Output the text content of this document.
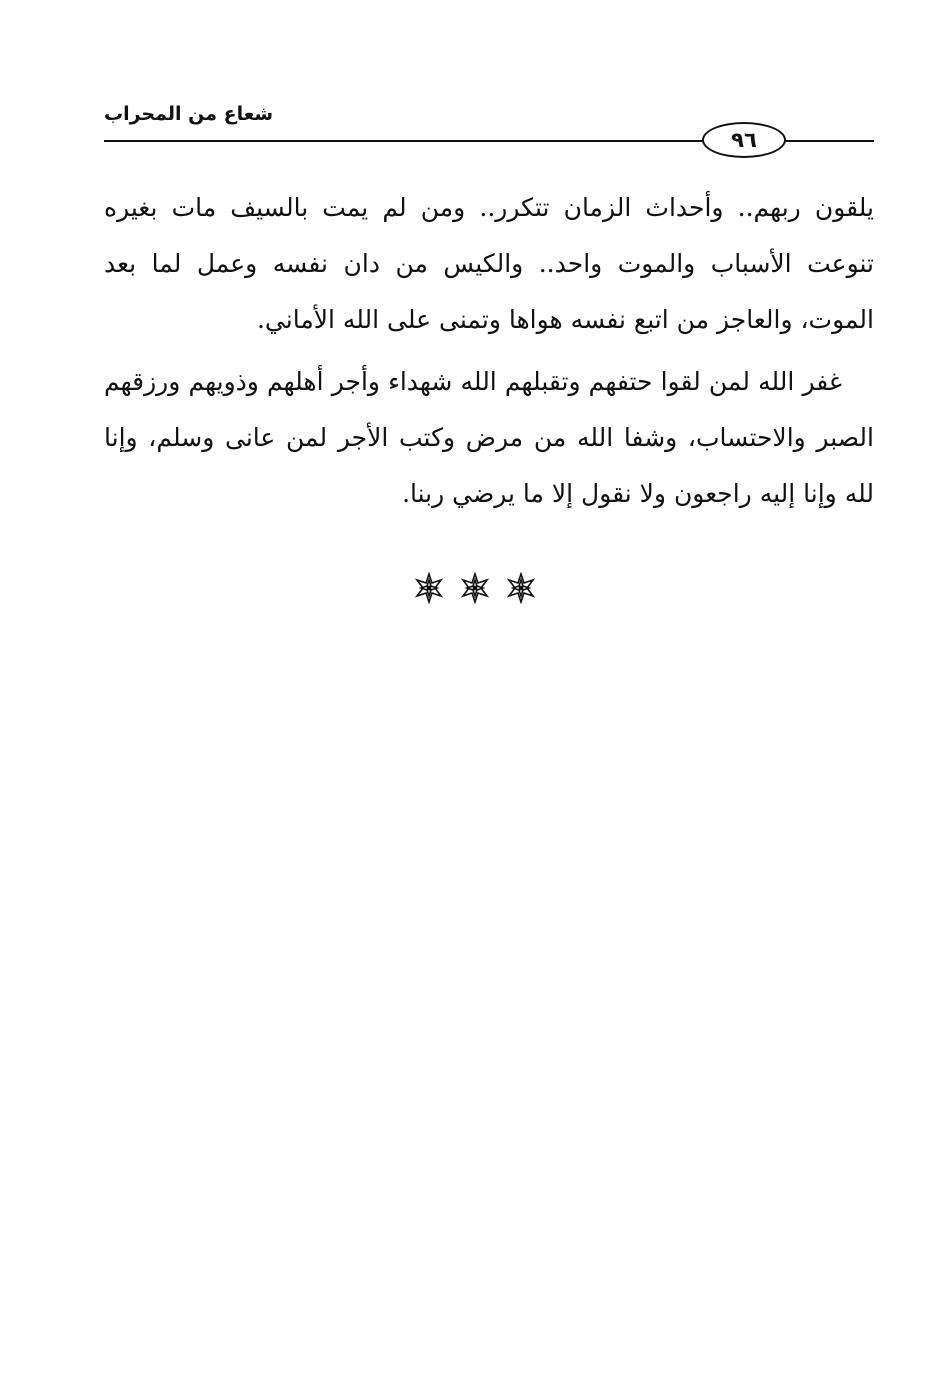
شعاع من المحراب
٩٦

يلقون ربهم.. وأحداث الزمان تتكرر.. ومن لم يمت بالسيف مات بغيره تنوعت الأسباب والموت واحد.. والكيس من دان نفسه وعمل لما بعد الموت، والعاجز من اتبع نفسه هواها وتمنى على الله الأماني.

غفر الله لمن لقوا حتفهم وتقبلهم الله شهداء وأجر أهلهم وذويهم ورزقهم الصبر والاحتساب، وشفا الله من مرض وكتب الأجر لمن عانى وسلم، وإنا لله وإنا إليه راجعون ولا نقول إلا ما يرضي ربنا.
